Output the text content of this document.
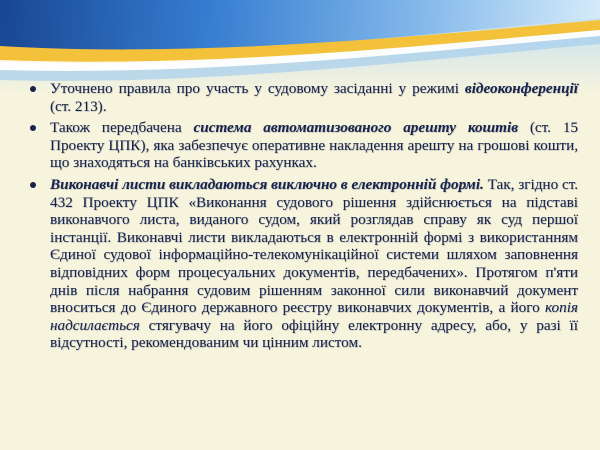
Уточнено правила про участь у судовому засіданні у режимі відеоконференції (ст. 213).
Також передбачена система автоматизованого арешту коштів (ст. 15 Проекту ЦПК), яка забезпечує оперативне накладення арешту на грошові кошти, що знаходяться на банківських рахунках.
Виконавчі листи викладаються виключно в електронній формі. Так, згідно ст. 432 Проекту ЦПК «Виконання судового рішення здійснюється на підставі виконавчого листа, виданого судом, який розглядав справу як суд першої інстанції. Виконавчі листи викладаються в електронній формі з використанням Єдиної судової інформаційно-телекомунікаційної системи шляхом заповнення відповідних форм процесуальних документів, передбачених». Протягом п'яти днів після набрання судовим рішенням законної сили виконавчий документ вноситься до Єдиного державного реєстру виконавчих документів, а його копія надсилається стягувачу на його офіційну електронну адресу, або, у разі її відсутності, рекомендованим чи цінним листом.
